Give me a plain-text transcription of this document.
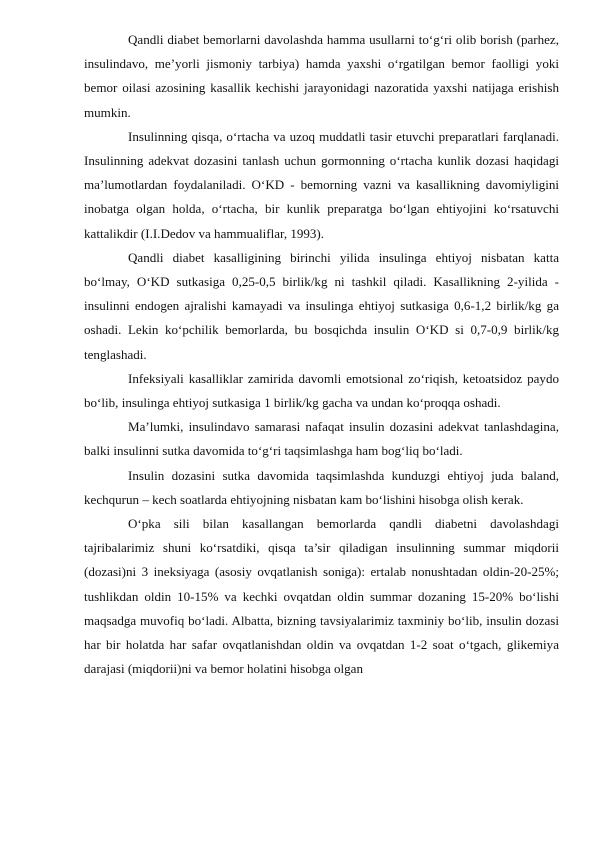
Qandli diabet bemorlarni davolashda hamma usullarni to‘g‘ri olib borish (parhez, insulindavo, me’yorli jismoniy tarbiya) hamda yaxshi o‘rgatilgan bemor faolligi yoki bemor oilasi azosining kasallik kechishi jarayonidagi nazoratida yaxshi natijaga erishish mumkin.

Insulinning qisqa, o‘rtacha va uzoq muddatli tasir etuvchi preparatlari farqlanadi. Insulinning adekvat dozasini tanlash uchun gormonning o‘rtacha kunlik dozasi haqidagi ma’lumotlardan foydalaniladi. O‘KD - bemorning vazni va kasallikning davomiyligini inobatga olgan holda, o‘rtacha, bir kunlik preparatga bo‘lgan ehtiyojini ko‘rsatuvchi kattalikdir (I.I.Dedov va hammualiflar, 1993).

Qandli diabet kasalligining birinchi yilida insulinga ehtiyoj nisbatan katta bo‘lmay, O‘KD sutkasiga 0,25-0,5 birlik/kg ni tashkil qiladi. Kasallikning 2-yilida - insulinni endogen ajralishi kamayadi va insulinga ehtiyoj sutkasiga 0,6-1,2 birlik/kg ga oshadi. Lekin ko‘pchilik bemorlarda, bu bosqichda insulin O‘KD si 0,7-0,9 birlik/kg tenglashadi.

Infeksiyali kasalliklar zamirida davomli emotsional zo‘riqish, ketoatsidoz paydo bo‘lib, insulinga ehtiyoj sutkasiga 1 birlik/kg gacha va undan ko‘proqqa oshadi.

Ma’lumki, insulindavo samarasi nafaqat insulin dozasini adekvat tanlashdagina, balki insulinni sutka davomida to‘g‘ri taqsimlashga ham bog‘liq bo‘ladi.

Insulin dozasini sutka davomida taqsimlashda kunduzgi ehtiyoj juda baland, kechqurun – kech soatlarda ehtiyojning nisbatan kam bo‘lishini hisobga olish kerak.

O‘pka sili bilan kasallangan bemorlarda qandli diabetni davolashdagi tajribalarimiz shuni ko‘rsatdiki, qisqa ta’sir qiladigan insulinning summar miqdorii (dozasi)ni 3 ineksiyaga (asosiy ovqatlanish soniga): ertalab nonushtadan oldin-20-25%; tushlikdan oldin 10-15% va kechki ovqatdan oldin summar dozaning 15-20% bo‘lishi maqsadga muvofiq bo‘ladi. Albatta, bizning tavsiyalarimiz taxminiy bo‘lib, insulin dozasi har bir holatda har safar ovqatlanishdan oldin va ovqatdan 1-2 soat o‘tgach, glikemiya darajasi (miqdorii)ni va bemor holatini hisobga olgan
